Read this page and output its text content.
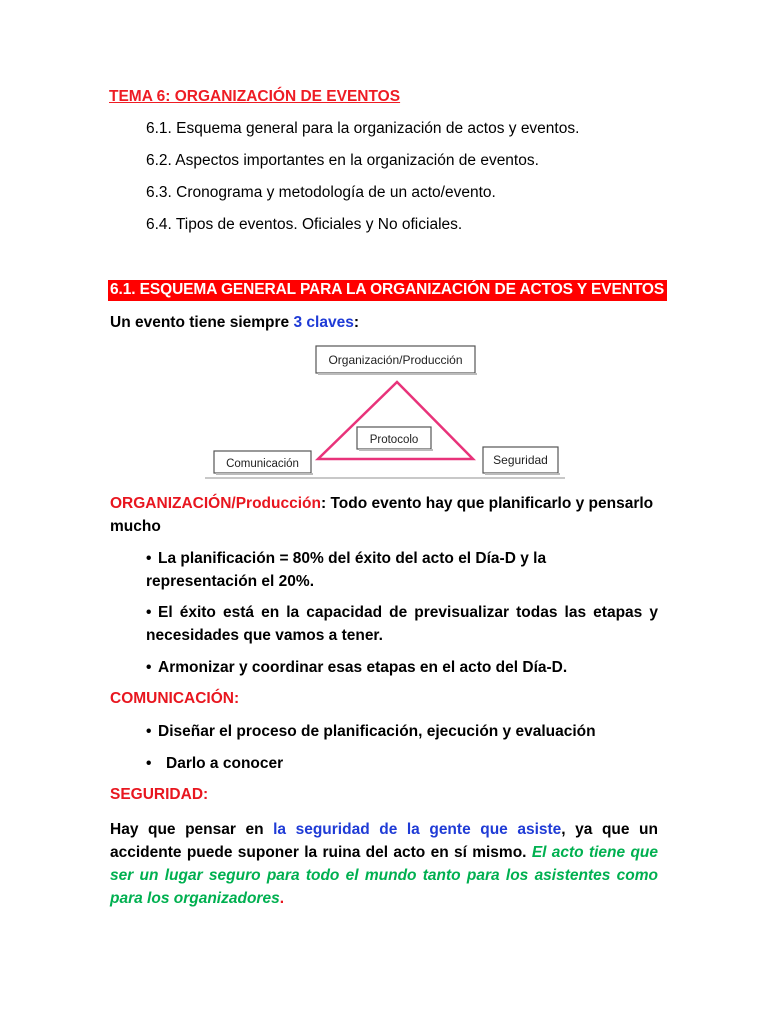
TEMA 6: ORGANIZACIÓN DE EVENTOS
6.1. Esquema general para la organización de actos y eventos.
6.2. Aspectos importantes en la organización de eventos.
6.3. Cronograma y metodología de un acto/evento.
6.4. Tipos de eventos. Oficiales y No oficiales.
6.1. ESQUEMA GENERAL PARA LA ORGANIZACIÓN DE ACTOS Y EVENTOS
Un evento tiene siempre 3 claves:
Organización/Producción
Protocolo
Comunicación	Seguridad
ORGANIZACIÓN/Producción: Todo evento hay que planificarlo y pensarlo mucho
• La planificación = 80% del éxito del acto el Día-D y la representación el 20%.
• El éxito está en la capacidad de previsualizar todas las etapas y necesidades que vamos a tener.
• Armonizar y coordinar esas etapas en el acto del Día-D.
COMUNICACIÓN:
• Diseñar el proceso de planificación, ejecución y evaluación
• Darlo a conocer
SEGURIDAD:
Hay que pensar en la seguridad de la gente que asiste, ya que un accidente puede suponer la ruina del acto en sí mismo. El acto tiene que ser un lugar seguro para todo el mundo tanto para los asistentes como para los organizadores.
